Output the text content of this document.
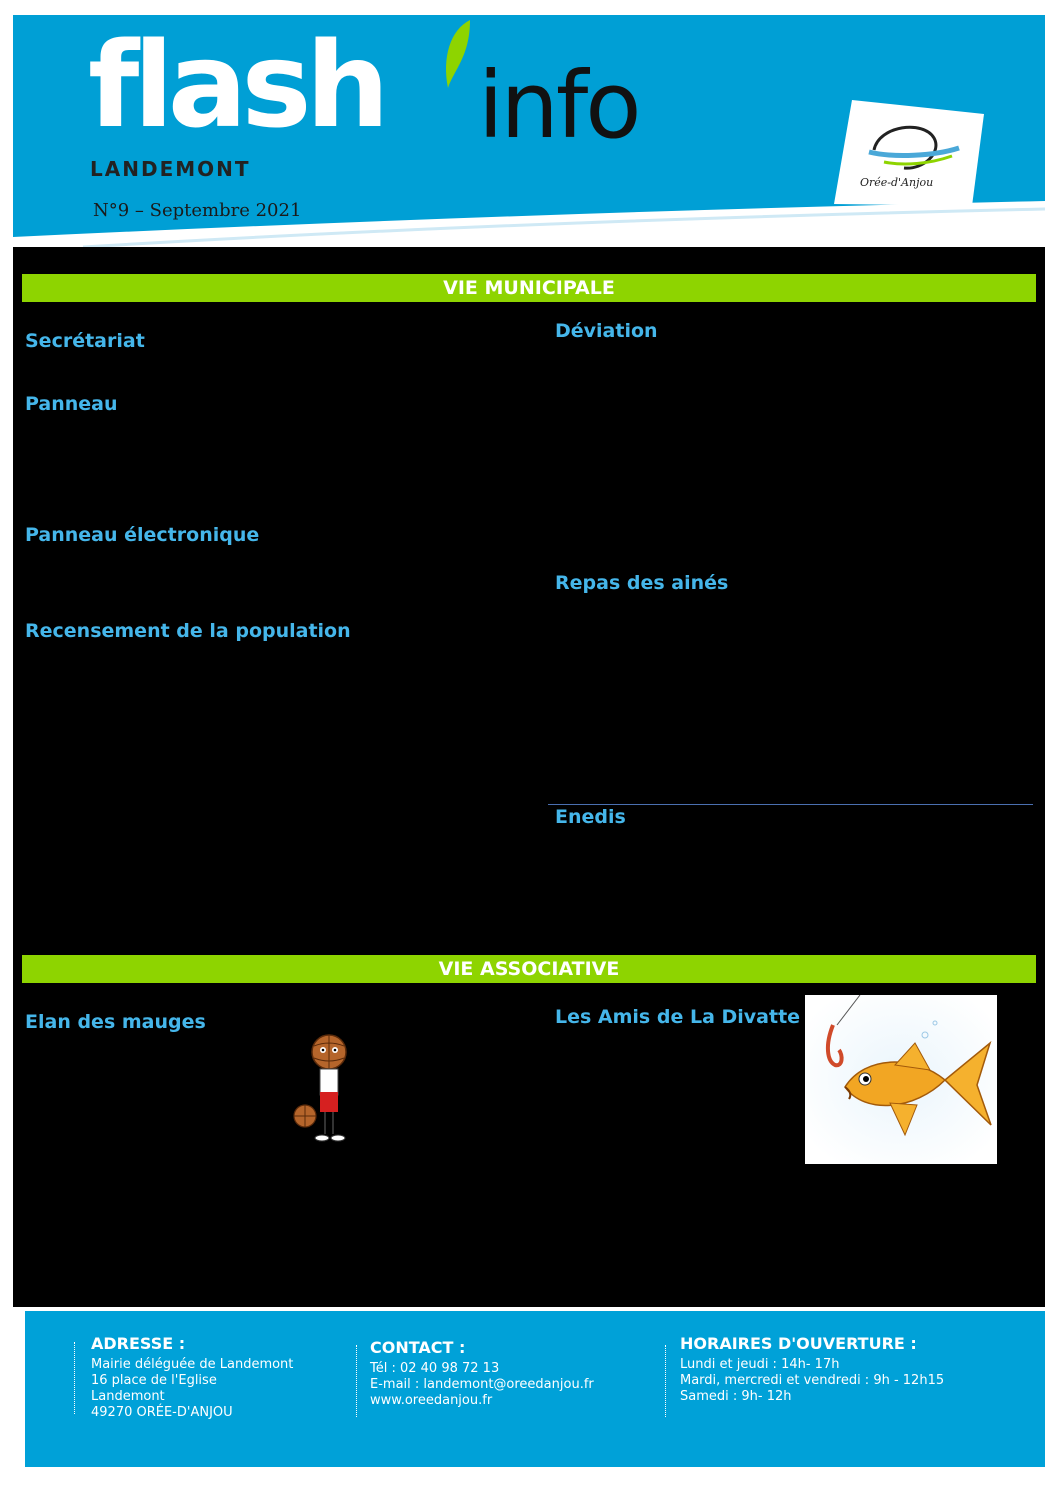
flash info
LANDEMONT
N°9 – Septembre 2021
Orée-d'Anjou
VIE MUNICIPALE
Secrétariat
Panneau
Panneau électronique
Recensement de la population
Déviation
Repas des ainés
Enedis
VIE ASSOCIATIVE
Elan des mauges	Les Amis de La Divatte
ADRESSE :
Mairie déléguée de Landemont
16 place de l'Eglise
Landemont
49270 ORÉE-D'ANJOU
CONTACT :
Tél : 02 40 98 72 13
E-mail : landemont@oreedanjou.fr
www.oreedanjou.fr
HORAIRES D'OUVERTURE :
Lundi et jeudi : 14h- 17h
Mardi, mercredi et vendredi : 9h - 12h15
Samedi : 9h- 12h
